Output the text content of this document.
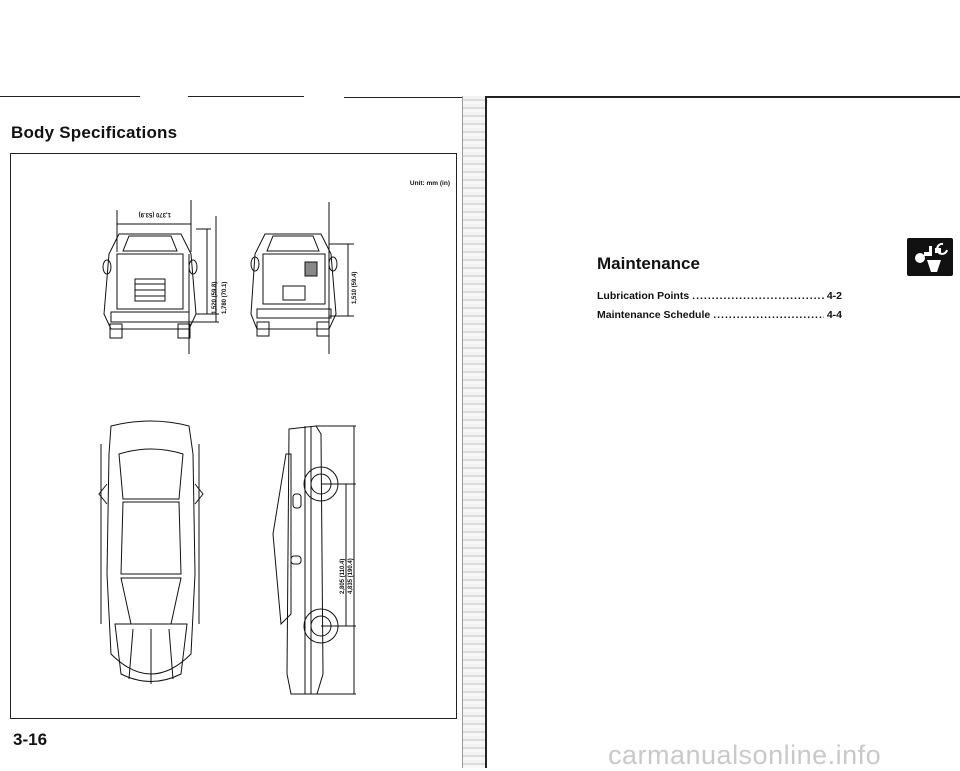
Body Specifications
Unit: mm (in)
1,370 (53.9)
1,520 (59.8) 1,780 (70.1)	1,510 (59.4)
2,805 (110.4) 4,835 (190.4)
3-16
Maintenance
Lubrication Points .....	4-2
Maintenance Schedule .....	4-4
carmanualsonline.info
